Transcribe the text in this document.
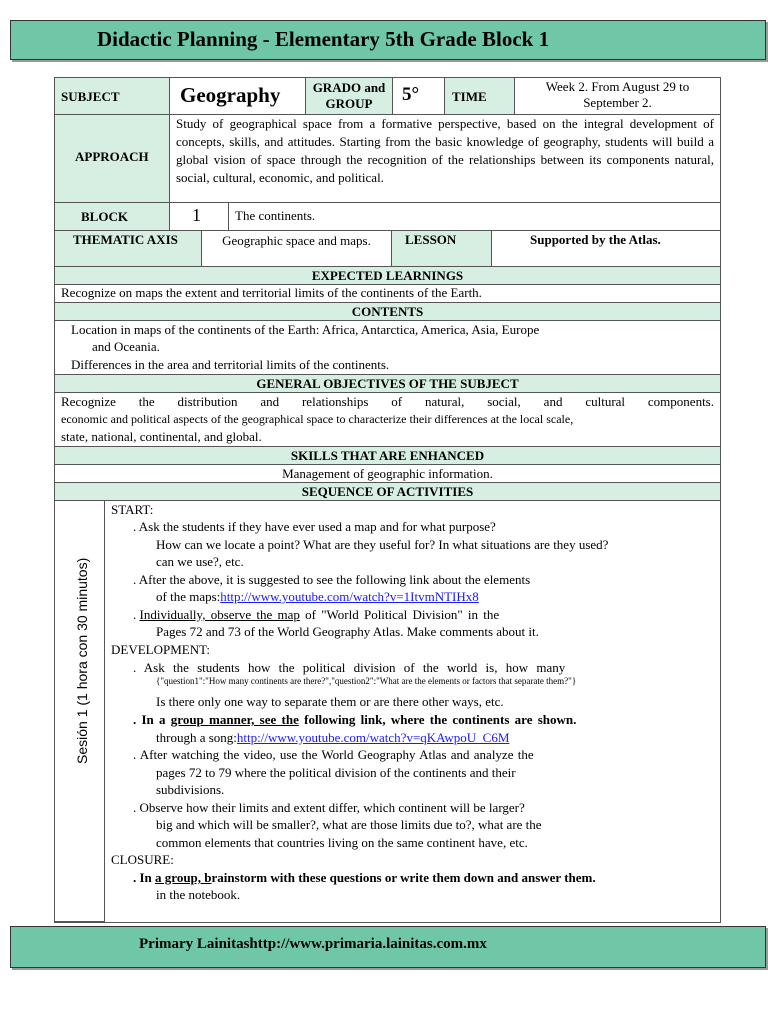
Didactic Planning - Elementary 5th Grade Block 1
SUBJECT	Geography	GRADO and GROUP	5°	TIME
Week 2. From August 29 to September 2.
APPROACH
Study of geographical space from a formative perspective, based on the integral development of concepts, skills, and attitudes. Starting from the basic knowledge of geography, students will build a global vision of space through the recognition of the relationships between its components natural, social, cultural, economic, and political.
BLOCK	1	The continents.
THEMATIC AXIS	Geographic space and maps.	LESSON	Supported by the Atlas.
EXPECTED LEARNINGS
Recognize on maps the extent and territorial limits of the continents of the Earth.
CONTENTS
Location in maps of the continents of the Earth: Africa, Antarctica, America, Asia, Europe
and Oceania.
Differences in the area and territorial limits of the continents.
GENERAL OBJECTIVES OF THE SUBJECT
Recognize the distribution and relationships of natural, social, and cultural components.
economic and political aspects of the geographical space to characterize their differences at the local scale,
state, national, continental, and global.
SKILLS THAT ARE ENHANCED
Management of geographic information.
SEQUENCE OF ACTIVITIES
Sesión 1 (1 hora con 30 minutos)
START:
. Ask the students if they have ever used a map and for what purpose?
How can we locate a point? What are they useful for? In what situations are they used?
can we use?, etc.
. After the above, it is suggested to see the following link about the elements
of the maps:http://www.youtube.com/watch?v=1ItvmNTIHx8
. Individually, observe the map of "World Political Division" in the
Pages 72 and 73 of the World Geography Atlas. Make comments about it.
DEVELOPMENT:
. Ask the students how the political division of the world is, how many
{"question1":"How many continents are there?","question2":"What are the elements or factors that separate them?"}
Is there only one way to separate them or are there other ways, etc.
. In a group manner, see the following link, where the continents are shown.
through a song:http://www.youtube.com/watch?v=qKAwpoU_C6M
. After watching the video, use the World Geography Atlas and analyze the
pages 72 to 79 where the political division of the continents and their
subdivisions.
. Observe how their limits and extent differ, which continent will be larger?
big and which will be smaller?, what are those limits due to?, what are the
common elements that countries living on the same continent have, etc.
CLOSURE:
. In a group, brainstorm with these questions or write them down and answer them.
in the notebook.
Primary Lainitashttp://www.primaria.lainitas.com.mx
